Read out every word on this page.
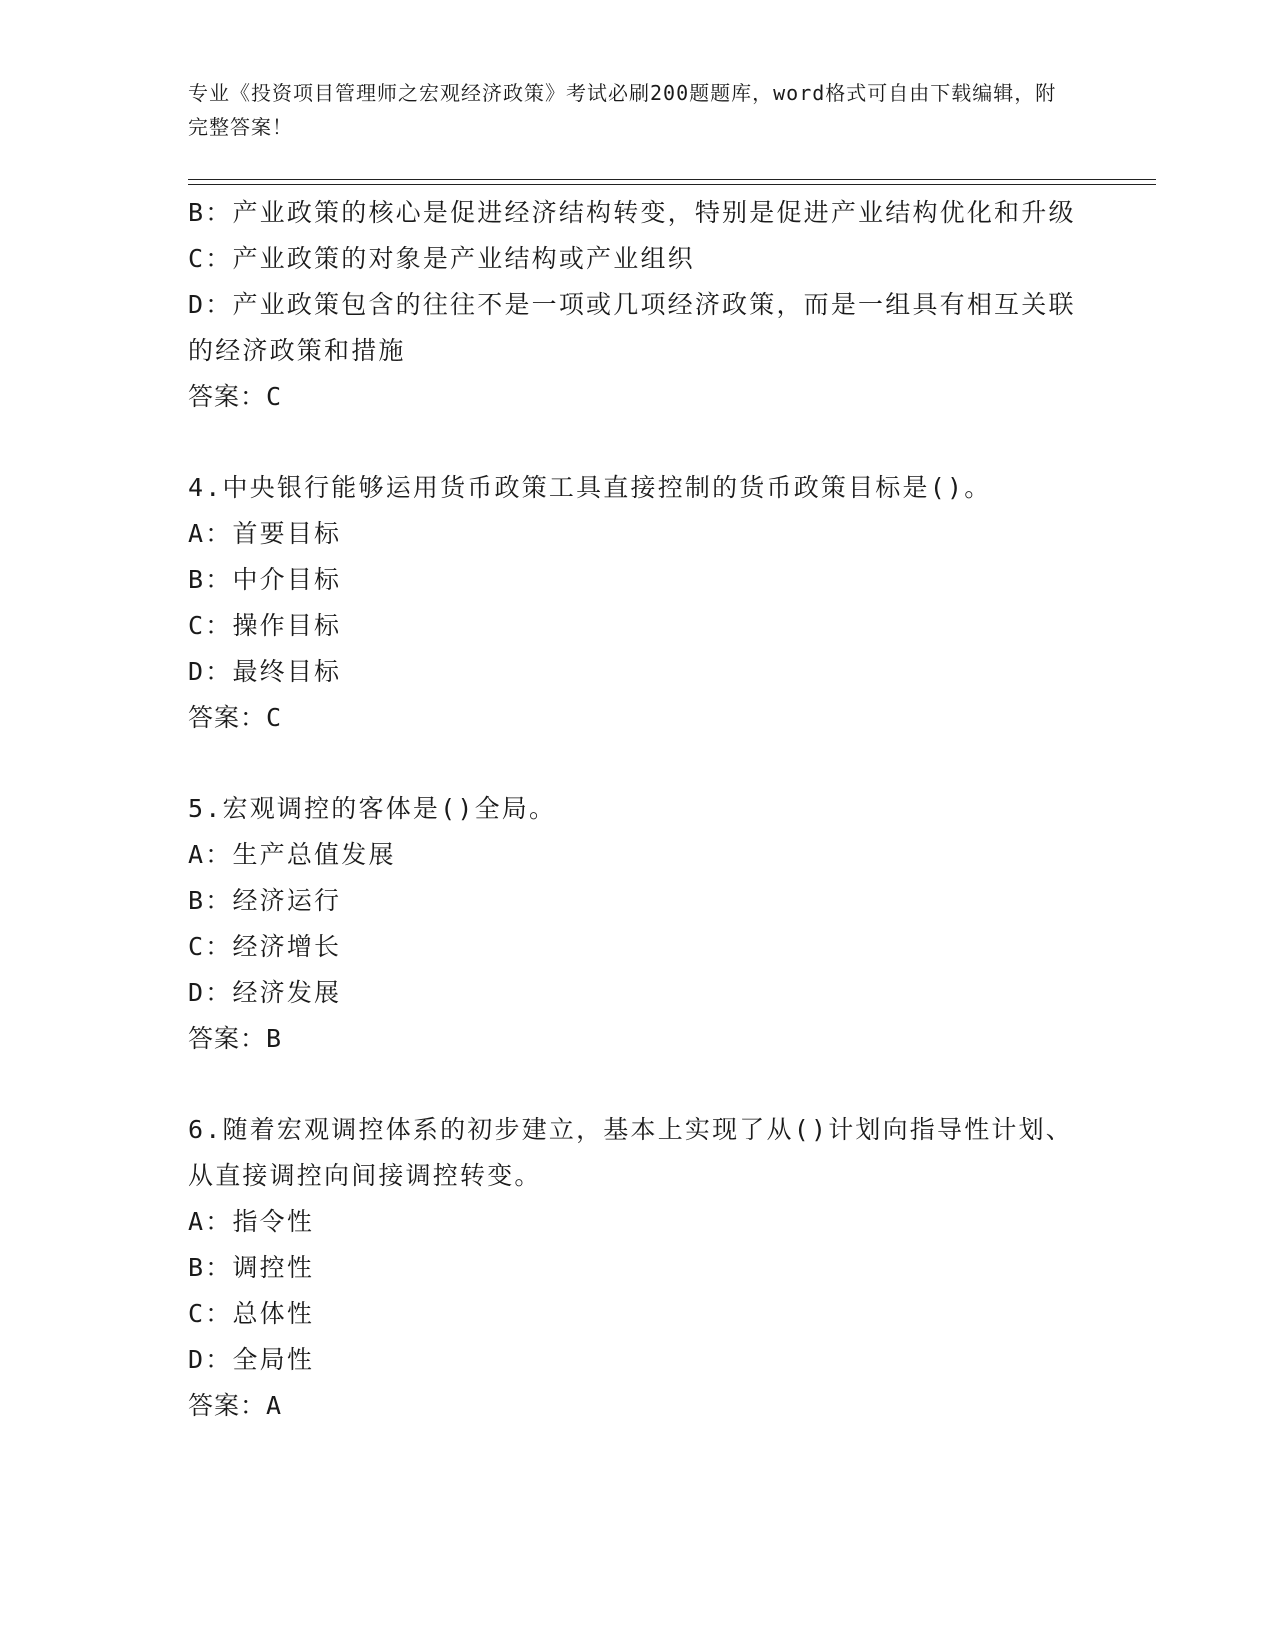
专业《投资项目管理师之宏观经济政策》考试必刷200题题库，word格式可自由下载编辑，附完整答案！

B：产业政策的核心是促进经济结构转变，特别是促进产业结构优化和升级

C：产业政策的对象是产业结构或产业组织

D：产业政策包含的往往不是一项或几项经济政策，而是一组具有相互关联的经济政策和措施

答案：C

4.中央银行能够运用货币政策工具直接控制的货币政策目标是()。

A：首要目标

B：中介目标

C：操作目标

D：最终目标

答案：C

5.宏观调控的客体是()全局。

A：生产总值发展

B：经济运行

C：经济增长

D：经济发展

答案：B

6.随着宏观调控体系的初步建立，基本上实现了从()计划向指导性计划、从直接调控向间接调控转变。

A：指令性

B：调控性

C：总体性

D：全局性

答案：A
